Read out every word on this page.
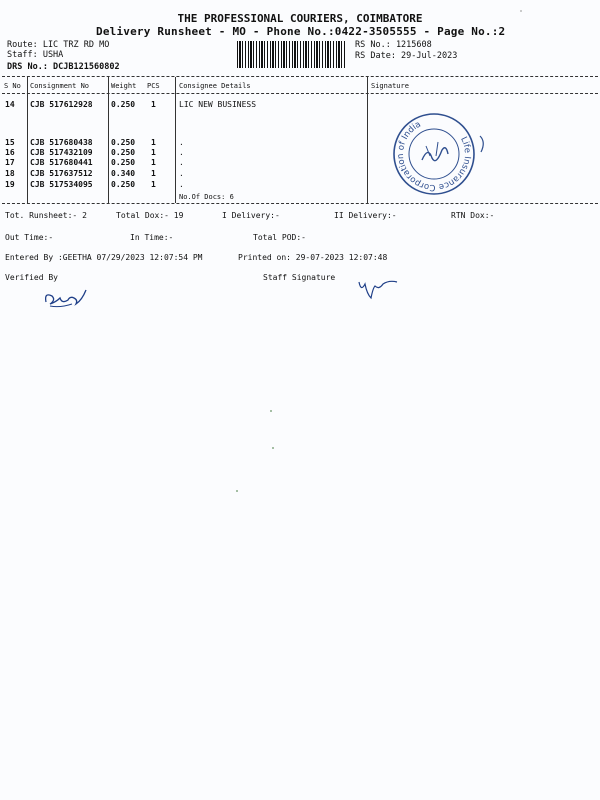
THE PROFESSIONAL COURIERS, COIMBATORE
Delivery Runsheet - MO - Phone No.:0422-3505555 - Page No.:2
Route: LIC TRZ RD MO
Staff: USHA
DRS No.: DCJB121560802
RS No.: 1215608
RS Date: 29-Jul-2023
S No Consignment No	Weight PCS	Consignee Details	Signature
14 CJB 517612928 0.250 1	LIC NEW BUSINESS
15 CJB 517680438 0.250 1	.
16 CJB 517432109 0.250 1	.
17 CJB 517680441 0.250 1	.
18 CJB 517637512 0.340 1	.
19 CJB 517534095 0.250 1	.
No.Of Docs: 6
Life Insurance Corporation of India
Tot. Runsheet:- 2	Total Dox:- 19	I Delivery:-	II Delivery:-	RTN Dox:-
Out Time:-	In Time:-	Total POD:-
Entered By :GEETHA 07/29/2023 12:07:54 PM	Printed on: 29-07-2023 12:07:48
Verified By	Staff Signature
